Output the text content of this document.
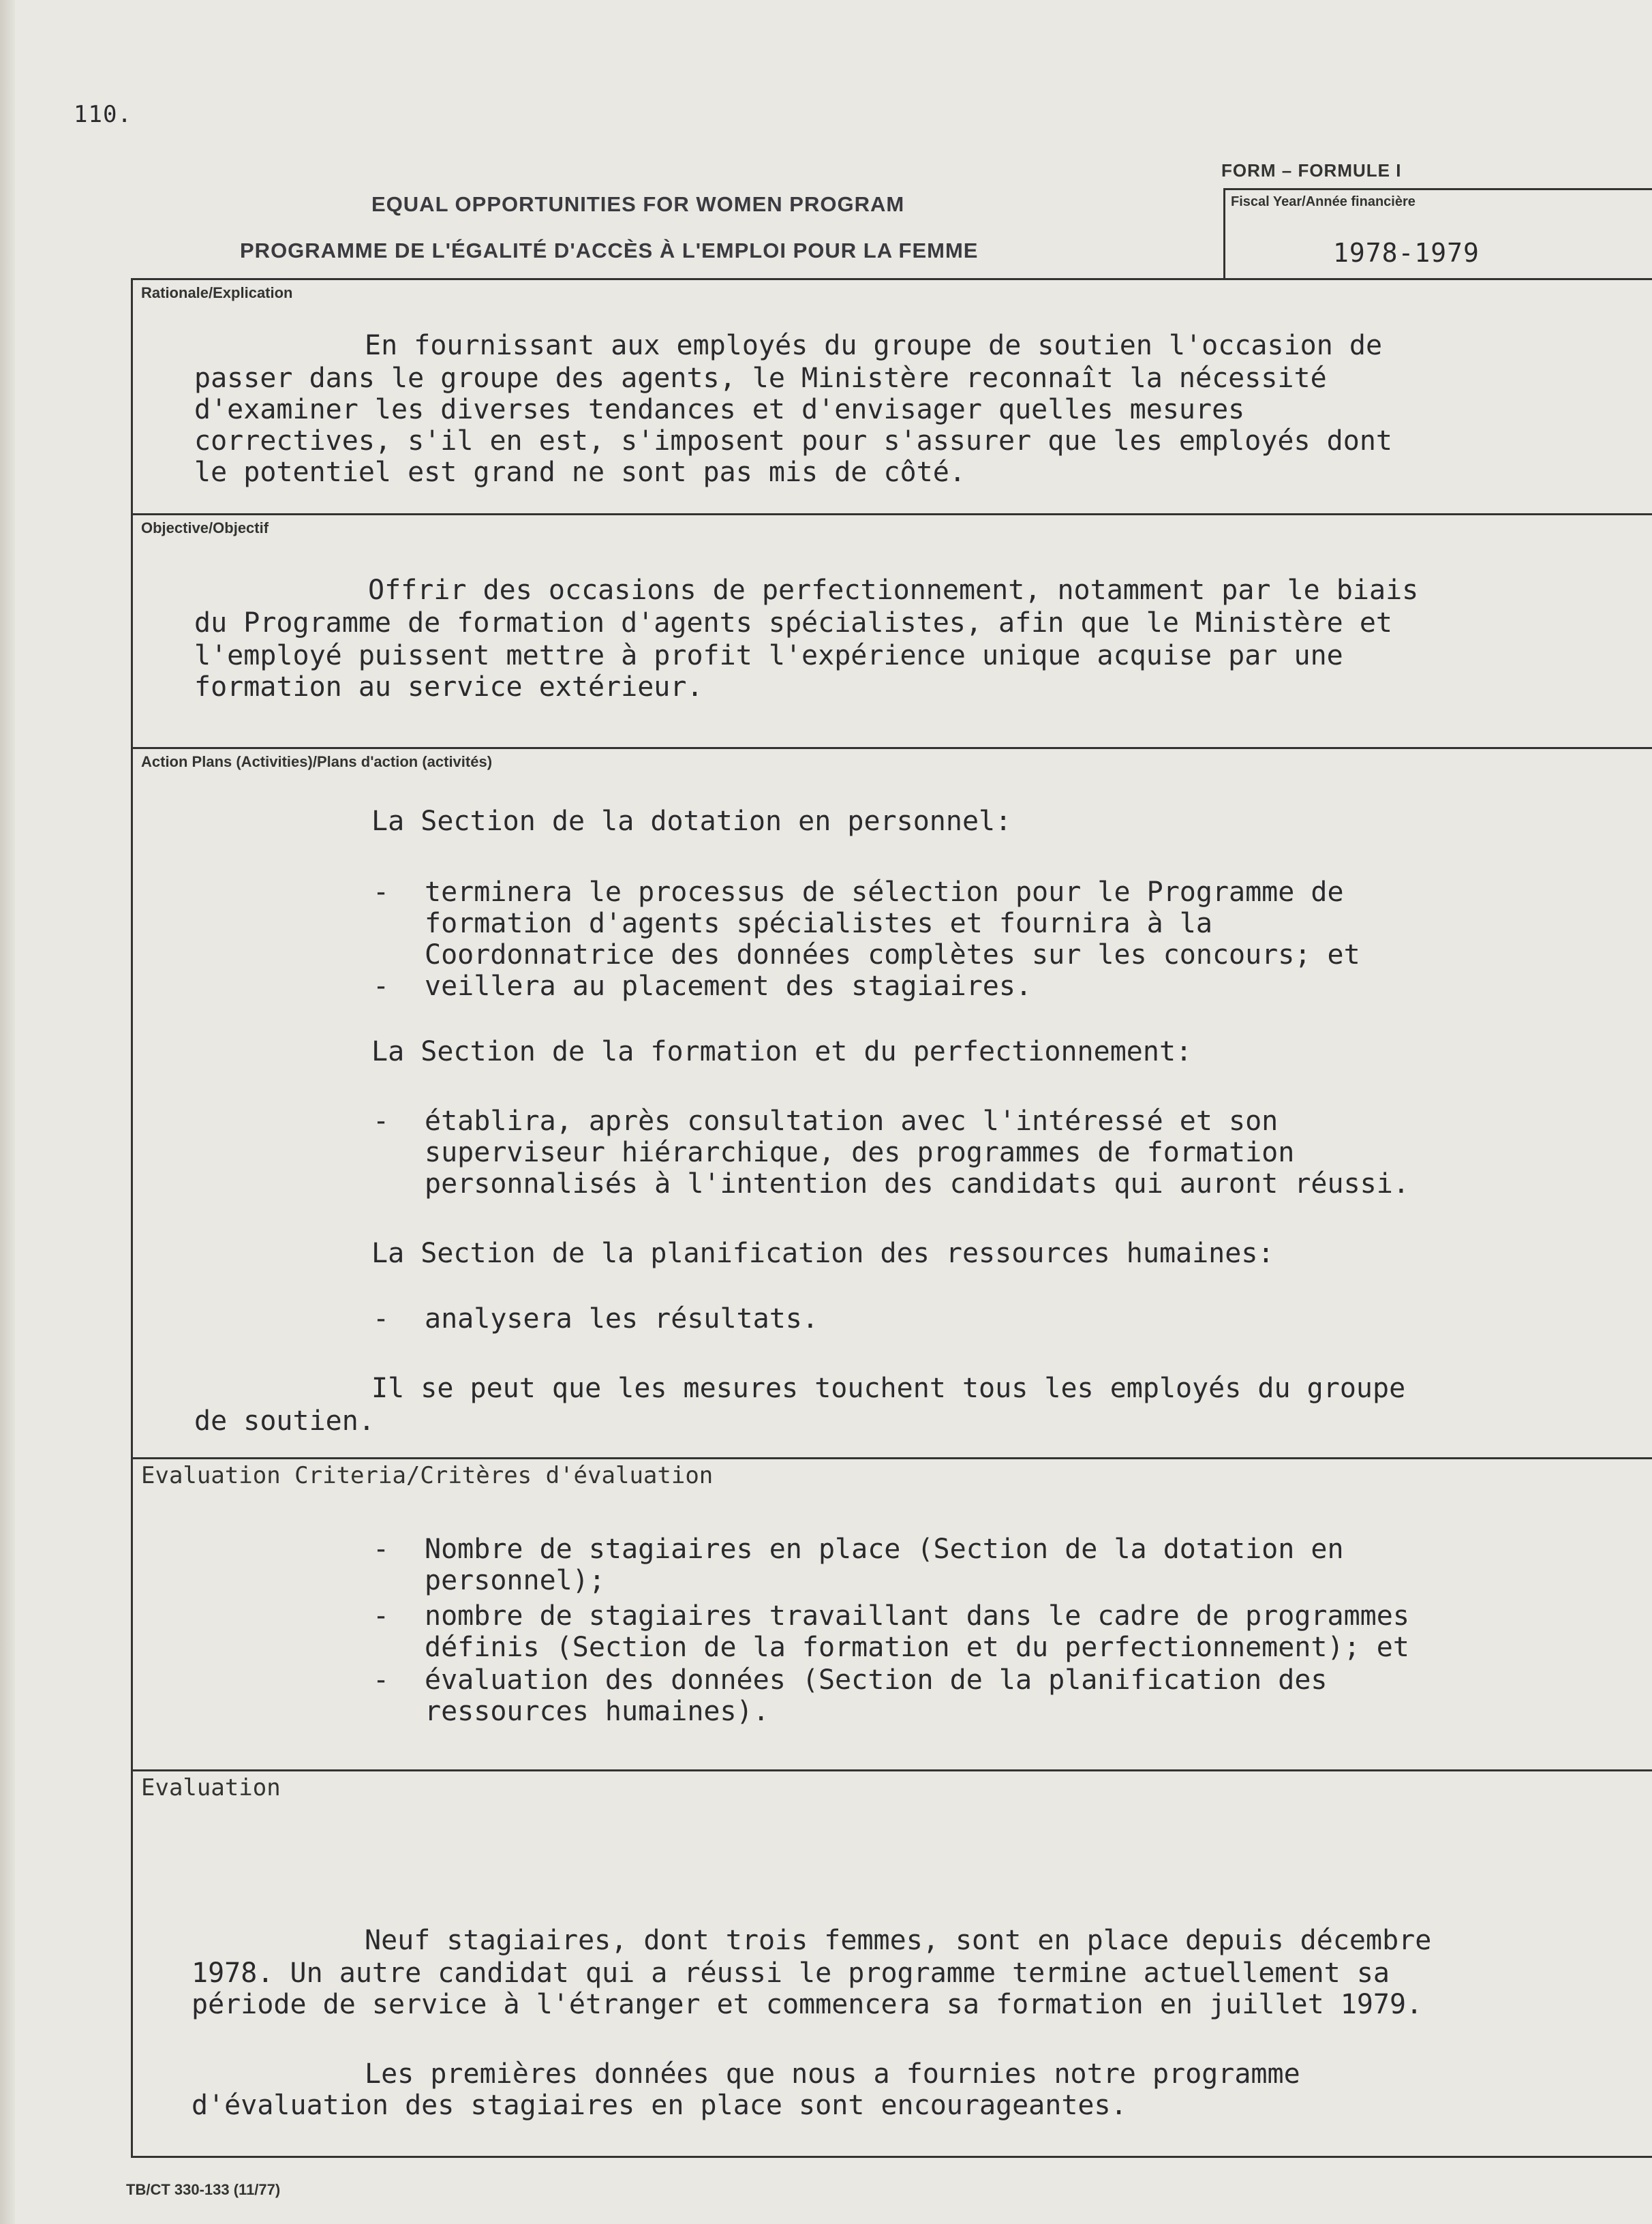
110.
EQUAL OPPORTUNITIES FOR WOMEN PROGRAM
PROGRAMME DE L'ÉGALITÉ D'ACCÈS À L'EMPLOI POUR LA FEMME
FORM – FORMULE I
Fiscal Year/Année financière
1978-1979
Rationale/Explication
En fournissant aux employés du groupe de soutien l'occasion de
passer dans le groupe des agents, le Ministère reconnaît la nécessité
d'examiner les diverses tendances et d'envisager quelles mesures
correctives, s'il en est, s'imposent pour s'assurer que les employés dont
le potentiel est grand ne sont pas mis de côté.
Objective/Objectif
Offrir des occasions de perfectionnement, notamment par le biais
du Programme de formation d'agents spécialistes, afin que le Ministère et
l'employé puissent mettre à profit l'expérience unique acquise par une
formation au service extérieur.
Action Plans (Activities)/Plans d'action (activités)
La Section de la dotation en personnel:
- terminera le processus de sélection pour le Programme de
formation d'agents spécialistes et fournira à la
Coordonnatrice des données complètes sur les concours; et
- veillera au placement des stagiaires.
La Section de la formation et du perfectionnement:
- établira, après consultation avec l'intéressé et son
superviseur hiérarchique, des programmes de formation
personnalisés à l'intention des candidats qui auront réussi.
La Section de la planification des ressources humaines:
- analysera les résultats.
Il se peut que les mesures touchent tous les employés du groupe
de soutien.
Evaluation Criteria/Critères d'évaluation
- Nombre de stagiaires en place (Section de la dotation en
personnel);
- nombre de stagiaires travaillant dans le cadre de programmes
définis (Section de la formation et du perfectionnement); et
- évaluation des données (Section de la planification des
ressources humaines).
Evaluation
Neuf stagiaires, dont trois femmes, sont en place depuis décembre
1978. Un autre candidat qui a réussi le programme termine actuellement sa
période de service à l'étranger et commencera sa formation en juillet 1979.
Les premières données que nous a fournies notre programme
d'évaluation des stagiaires en place sont encourageantes.
TB/CT 330-133 (11/77)
